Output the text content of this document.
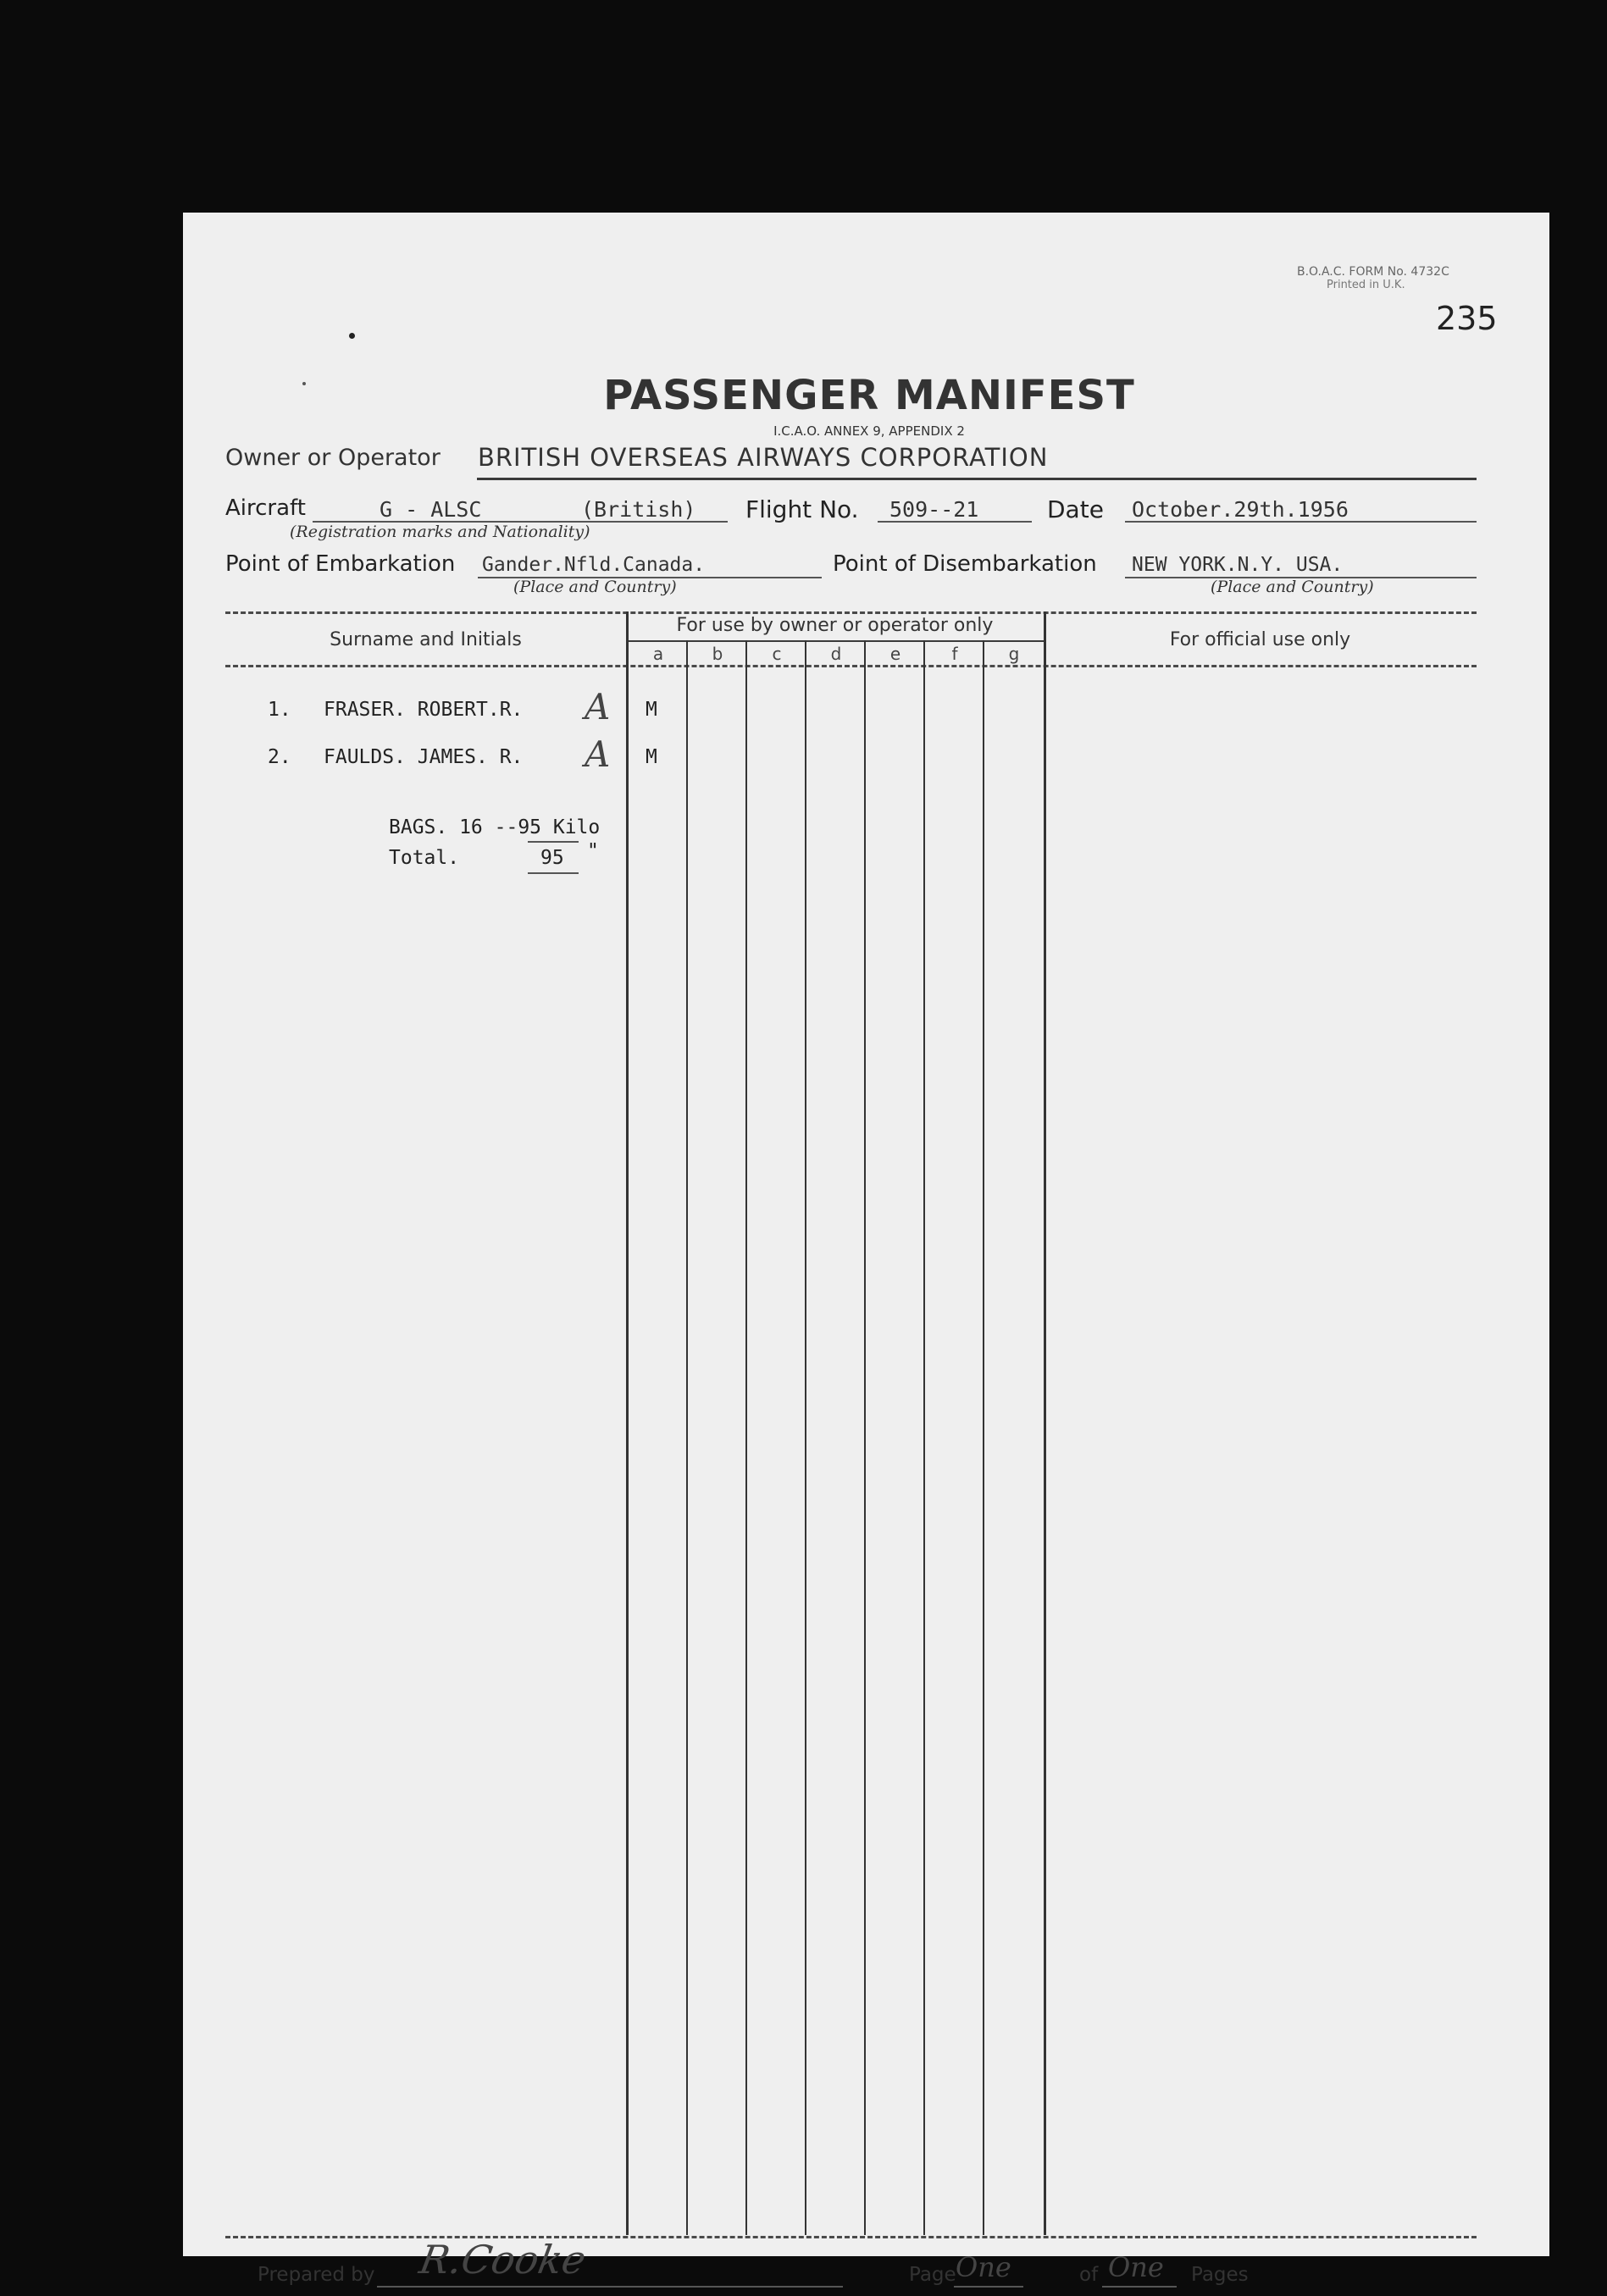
B.O.A.C. FORM No. 4732C
Printed in U.K.
235
PASSENGER MANIFEST
I.C.A.O. ANNEX 9, APPENDIX 2
Owner or Operator BRITISH OVERSEAS AIRWAYS CORPORATION
Aircraft	G - ALSC	(British)
(Registration marks and Nationality)
Flight No. 509--21	Date October.29th.1956
Point of Embarkation Gander.Nfld.Canada.
(Place and Country)
Point of Disembarkation NEW YORK.N.Y. USA.
(Place and Country)
Surname and Initials
For use by owner or operator only
For official use only
a	b	c	d	e	f	g
1. FRASER. ROBERT.R. A M
2. FAULDS. JAMES. R. A M
BAGS. 16 --95 Kilo
Total.	95 "
Prepared by R.Cooke	Page One	of One Pages
